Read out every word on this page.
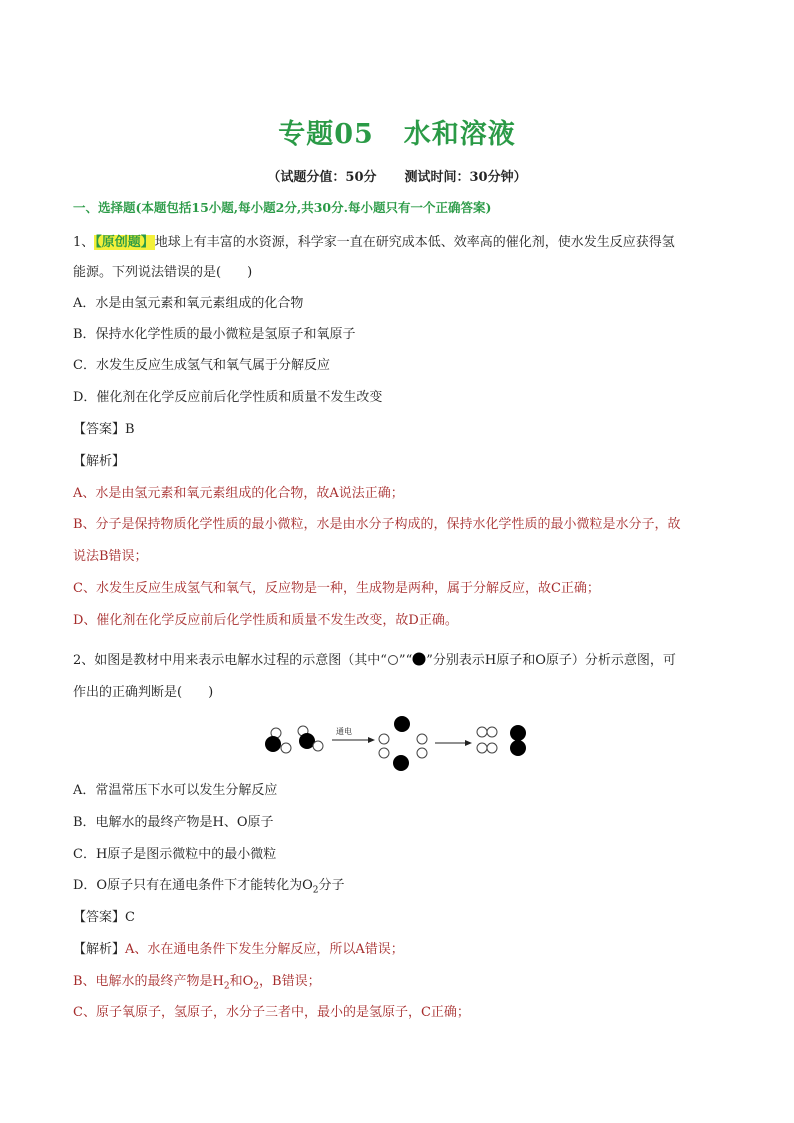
专题05 水和溶液
（试题分值：50分 测试时间：30分钟）
一、选择题(本题包括15小题,每小题2分,共30分.每小题只有一个正确答案)
1、【原创题】地球上有丰富的水资源，科学家一直在研究成本低、效率高的催化剂，使水发生反应获得氢
能源。下列说法错误的是(　　)
A．水是由氢元素和氧元素组成的化合物
B．保持水化学性质的最小微粒是氢原子和氧原子
C．水发生反应生成氢气和氧气属于分解反应
D．催化剂在化学反应前后化学性质和质量不发生改变
【答案】B
【解析】
A、水是由氢元素和氧元素组成的化合物，故A说法正确；
B、分子是保持物质化学性质的最小微粒，水是由水分子构成的，保持水化学性质的最小微粒是水分子，故
说法B错误；
C、水发生反应生成氢气和氧气，反应物是一种，生成物是两种，属于分解反应，故C正确；
D、催化剂在化学反应前后化学性质和质量不发生改变，故D正确。
2、如图是教材中用来表示电解水过程的示意图（其中“ ”“ ”分别表示H原子和O原子）分析示意图，可
作出的正确判断是(　　)
通电
A．常温常压下水可以发生分解反应
B．电解水的最终产物是H、O原子
C．H原子是图示微粒中的最小微粒
D．O原子只有在通电条件下才能转化为$O_2$分子
【答案】C
【解析】A、水在通电条件下发生分解反应，所以A错误；
B、电解水的最终产物是$H_2$和$O_2$，B错误；
C、原子氧原子，氢原子，水分子三者中，最小的是氢原子，C正确；
